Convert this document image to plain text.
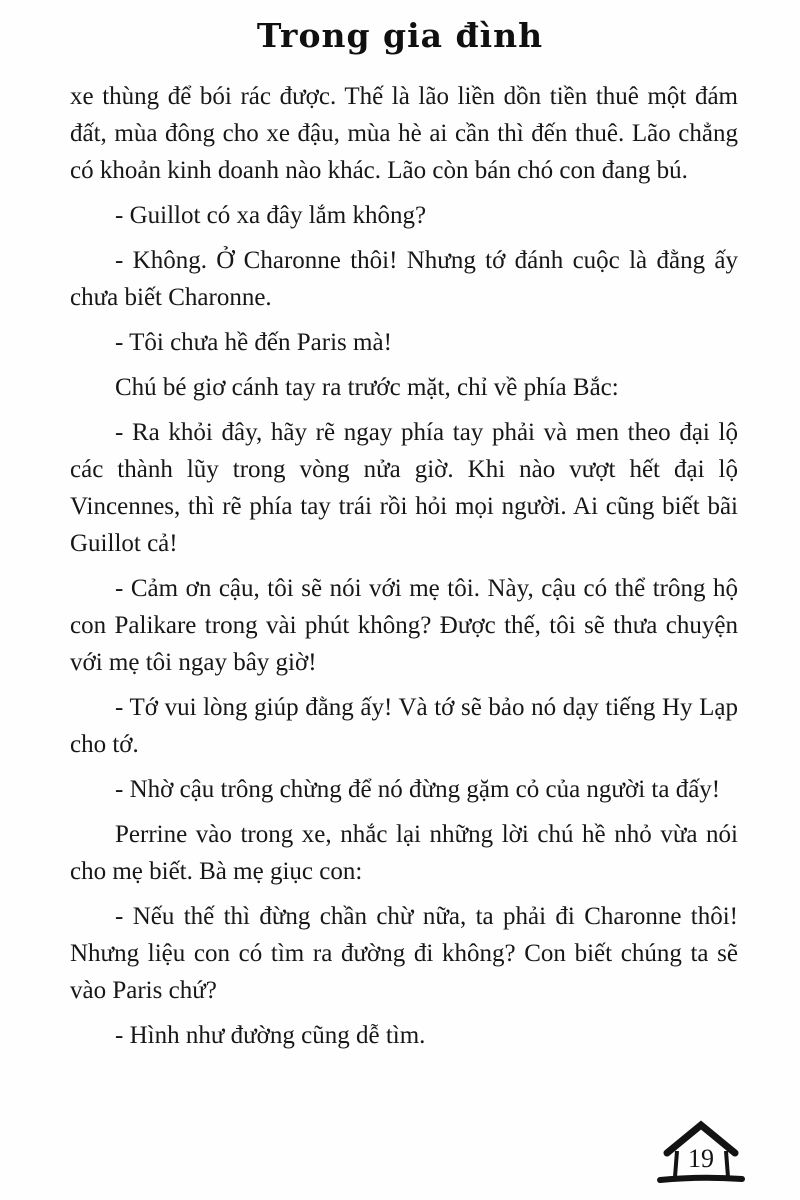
Trong gia đình

xe thùng để bói rác được. Thế là lão liền dồn tiền thuê một đám đất, mùa đông cho xe đậu, mùa hè ai cần thì đến thuê. Lão chẳng có khoản kinh doanh nào khác. Lão còn bán chó con đang bú.

- Guillot có xa đây lắm không?

- Không. Ở Charonne thôi! Nhưng tớ đánh cuộc là đằng ấy chưa biết Charonne.

- Tôi chưa hề đến Paris mà!

Chú bé giơ cánh tay ra trước mặt, chỉ về phía Bắc:

- Ra khỏi đây, hãy rẽ ngay phía tay phải và men theo đại lộ các thành lũy trong vòng nửa giờ. Khi nào vượt hết đại lộ Vincennes, thì rẽ phía tay trái rồi hỏi mọi người. Ai cũng biết bãi Guillot cả!

- Cảm ơn cậu, tôi sẽ nói với mẹ tôi. Này, cậu có thể trông hộ con Palikare trong vài phút không? Được thế, tôi sẽ thưa chuyện với mẹ tôi ngay bây giờ!

- Tớ vui lòng giúp đằng ấy! Và tớ sẽ bảo nó dạy tiếng Hy Lạp cho tớ.

- Nhờ cậu trông chừng để nó đừng gặm cỏ của người ta đấy!

Perrine vào trong xe, nhắc lại những lời chú hề nhỏ vừa nói cho mẹ biết. Bà mẹ giục con:

- Nếu thế thì đừng chần chừ nữa, ta phải đi Charonne thôi! Nhưng liệu con có tìm ra đường đi không? Con biết chúng ta sẽ vào Paris chứ?

- Hình như đường cũng dễ tìm.

19
